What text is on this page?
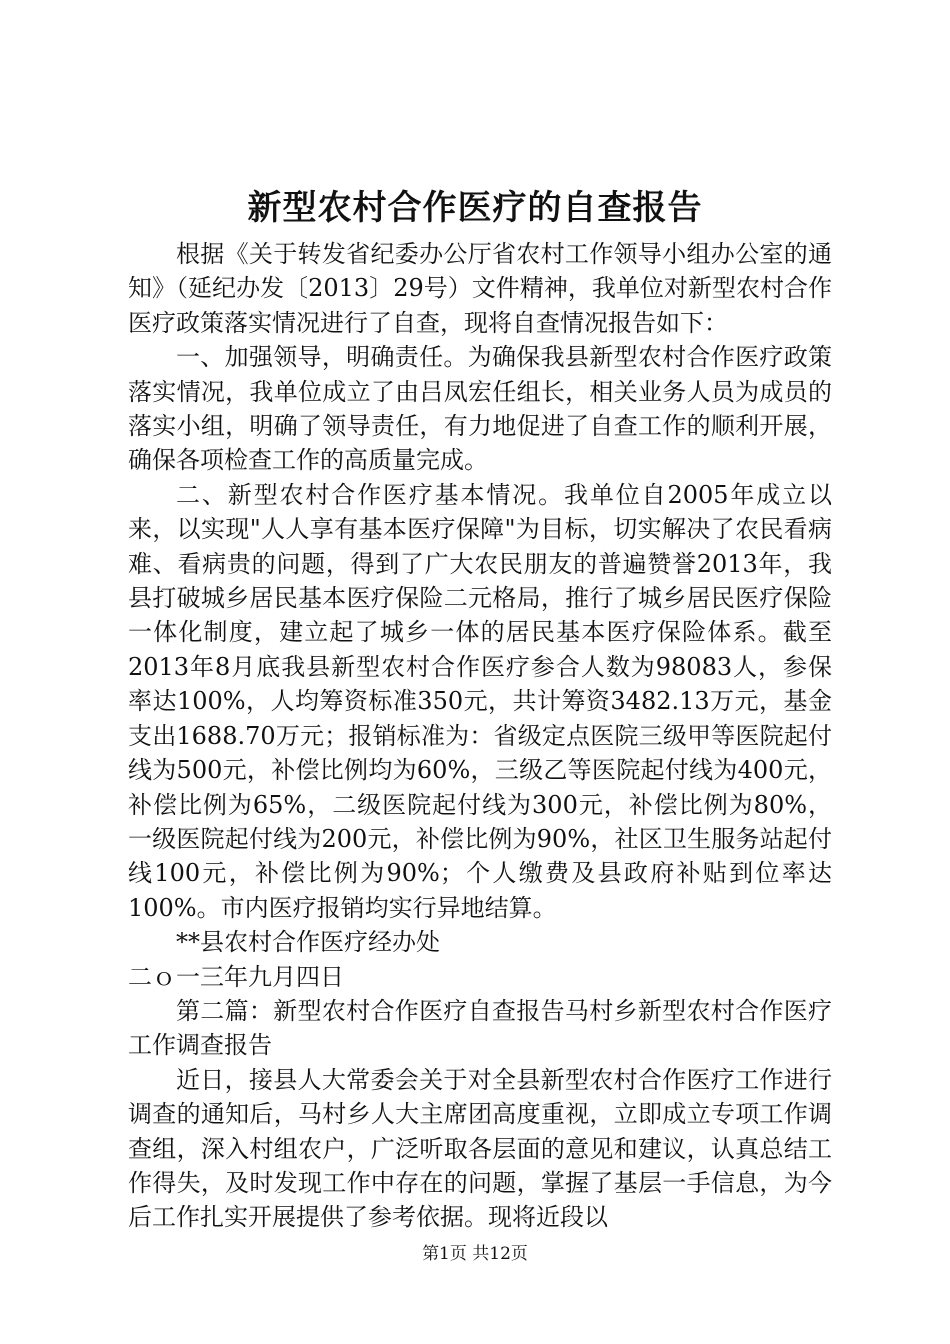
新型农村合作医疗的自查报告

根据《关于转发省纪委办公厅省农村工作领导小组办公室的通知》（延纪办发〔2013〕29号）文件精神，我单位对新型农村合作医疗政策落实情况进行了自查，现将自查情况报告如下：

一、加强领导，明确责任。为确保我县新型农村合作医疗政策落实情况，我单位成立了由吕凤宏任组长，相关业务人员为成员的落实小组，明确了领导责任，有力地促进了自查工作的顺利开展，确保各项检查工作的高质量完成。

二、新型农村合作医疗基本情况。我单位自2005年成立以来，以实现"人人享有基本医疗保障"为目标，切实解决了农民看病难、看病贵的问题，得到了广大农民朋友的普遍赞誉2013年，我县打破城乡居民基本医疗保险二元格局，推行了城乡居民医疗保险一体化制度，建立起了城乡一体的居民基本医疗保险体系。截至2013年8月底我县新型农村合作医疗参合人数为98083人，参保率达100%，人均筹资标准350元，共计筹资3482.13万元，基金支出1688.70万元；报销标准为：省级定点医院三级甲等医院起付线为500元，补偿比例均为60%，三级乙等医院起付线为400元，补偿比例为65%，二级医院起付线为300元，补偿比例为80%，一级医院起付线为200元，补偿比例为90%，社区卫生服务站起付线100元，补偿比例为90%；个人缴费及县政府补贴到位率达100%。市内医疗报销均实行异地结算。

**县农村合作医疗经办处

二ｏ一三年九月四日

第二篇：新型农村合作医疗自查报告马村乡新型农村合作医疗工作调查报告

近日，接县人大常委会关于对全县新型农村合作医疗工作进行调查的通知后，马村乡人大主席团高度重视，立即成立专项工作调查组，深入村组农户，广泛听取各层面的意见和建议，认真总结工作得失，及时发现工作中存在的问题，掌握了基层一手信息，为今后工作扎实开展提供了参考依据。现将近段以

第1页 共12页
